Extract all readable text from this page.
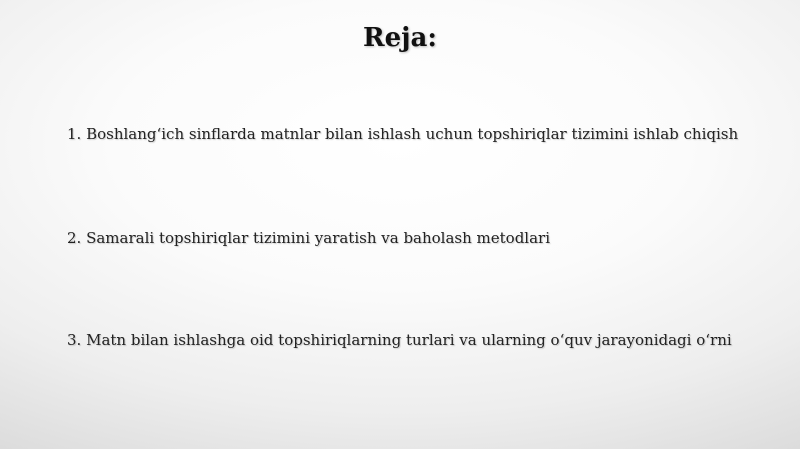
Reja:
1. Boshlang‘ich sinflarda matnlar bilan ishlash uchun topshiriqlar tizimini ishlab chiqish
2. Samarali topshiriqlar tizimini yaratish va baholash metodlari
3. Matn bilan ishlashga oid topshiriqlarning turlari va ularning o‘quv jarayonidagi o‘rni
